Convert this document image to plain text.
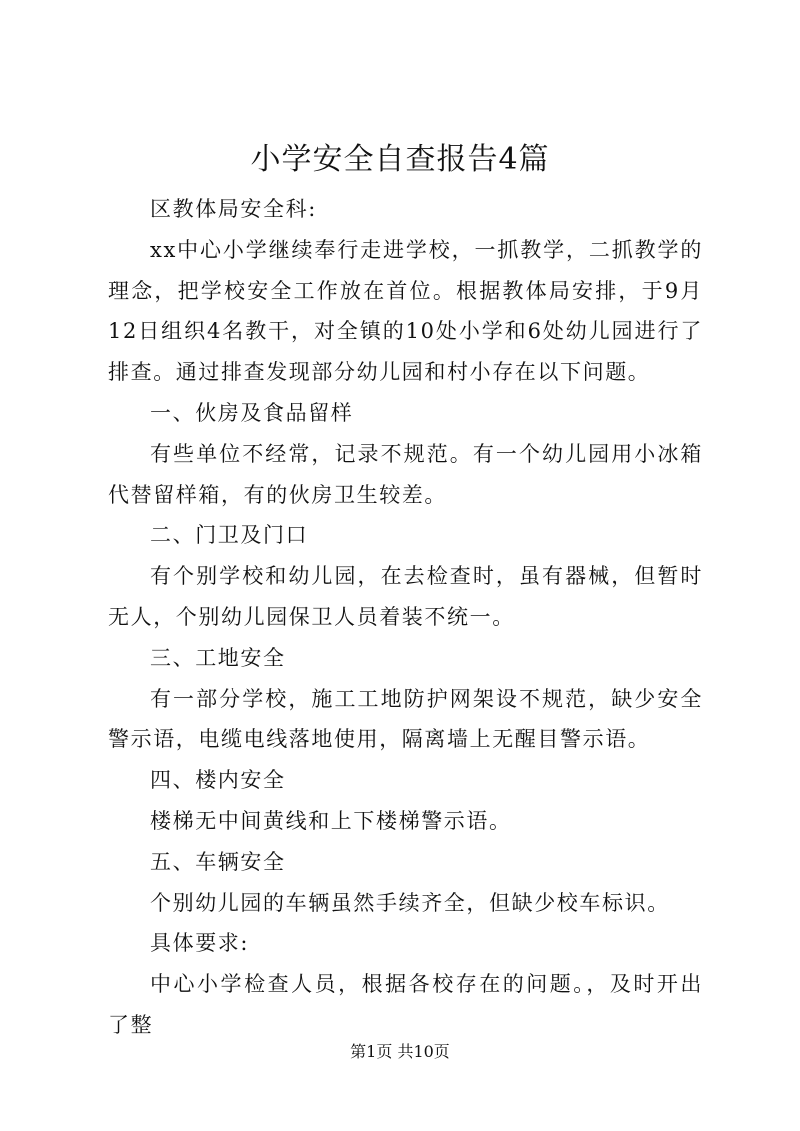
小学安全自查报告4篇

区教体局安全科:

xx中心小学继续奉行走进学校，一抓教学，二抓教学的理念，把学校安全工作放在首位。根据教体局安排，于9月12日组织4名教干，对全镇的10处小学和6处幼儿园进行了排查。通过排查发现部分幼儿园和村小存在以下问题。

一、伙房及食品留样

有些单位不经常，记录不规范。有一个幼儿园用小冰箱代替留样箱，有的伙房卫生较差。

二、门卫及门口

有个别学校和幼儿园，在去检查时，虽有器械，但暂时无人，个别幼儿园保卫人员着装不统一。

三、工地安全

有一部分学校，施工工地防护网架设不规范，缺少安全警示语，电缆电线落地使用，隔离墙上无醒目警示语。

四、楼内安全

楼梯无中间黄线和上下楼梯警示语。

五、车辆安全

个别幼儿园的车辆虽然手续齐全，但缺少校车标识。

具体要求:

中心小学检查人员，根据各校存在的问题。，及时开出了整

第1页 共10页
